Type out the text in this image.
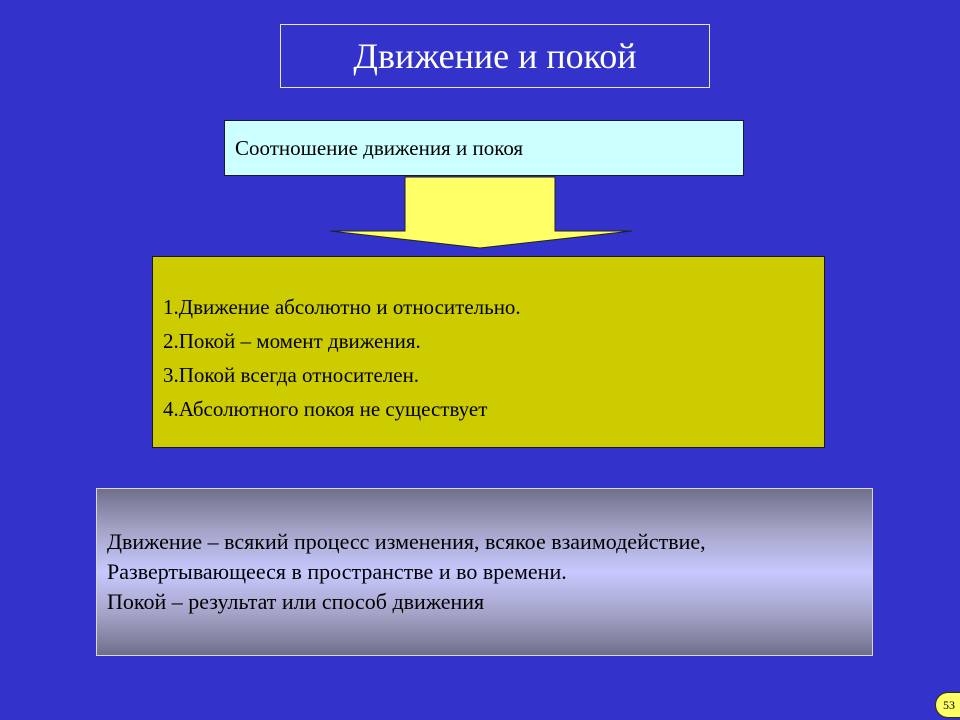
Движение и покой
Соотношение движения и покоя
1.Движение абсолютно и относительно.
2.Покой – момент движения.
3.Покой всегда относителен.
4.Абсолютного покоя не существует
Движение – всякий процесс изменения, всякое взаимодействие,
Развертывающееся в пространстве и во времени.
Покой – результат или способ движения
53
